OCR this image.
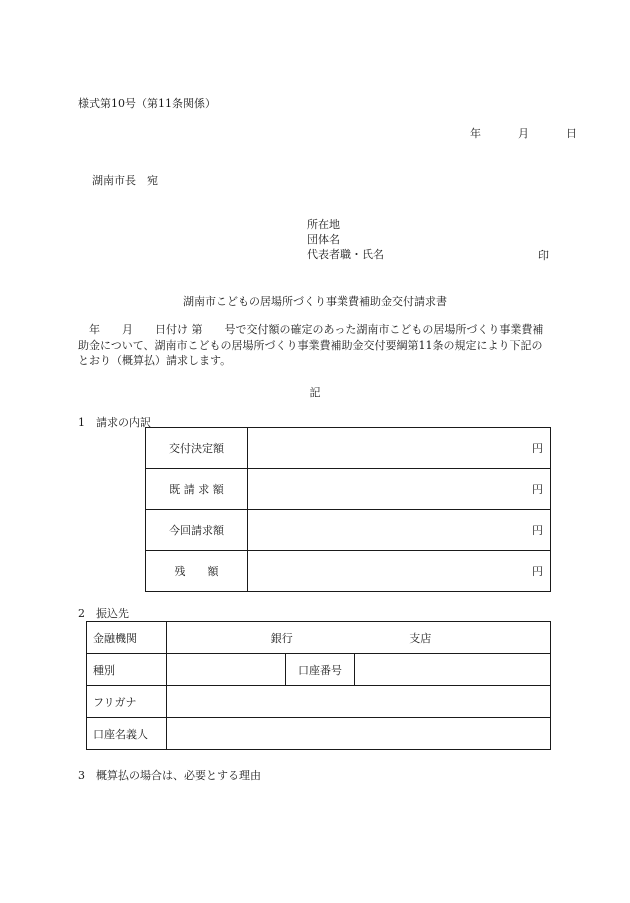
様式第10号（第11条関係）
年	月	日
湖南市長　宛
所在地
団体名
代表者職・氏名	印
湖南市こどもの居場所づくり事業費補助金交付請求書
年　　月　　日付け 第　　号で交付額の確定のあった湖南市こどもの居場所づくり事業費補助金について、湖南市こどもの居場所づくり事業費補助金交付要綱第11条の規定により下記のとおり（概算払）請求します。
記
1　請求の内訳
交付決定額	円
既 請 求 額	円
今回請求額	円
残　　額	円
2　振込先
金融機関	銀行 支店	
種別		口座番号

フリガナ		
口座名義人		
3　概算払の場合は、必要とする理由
